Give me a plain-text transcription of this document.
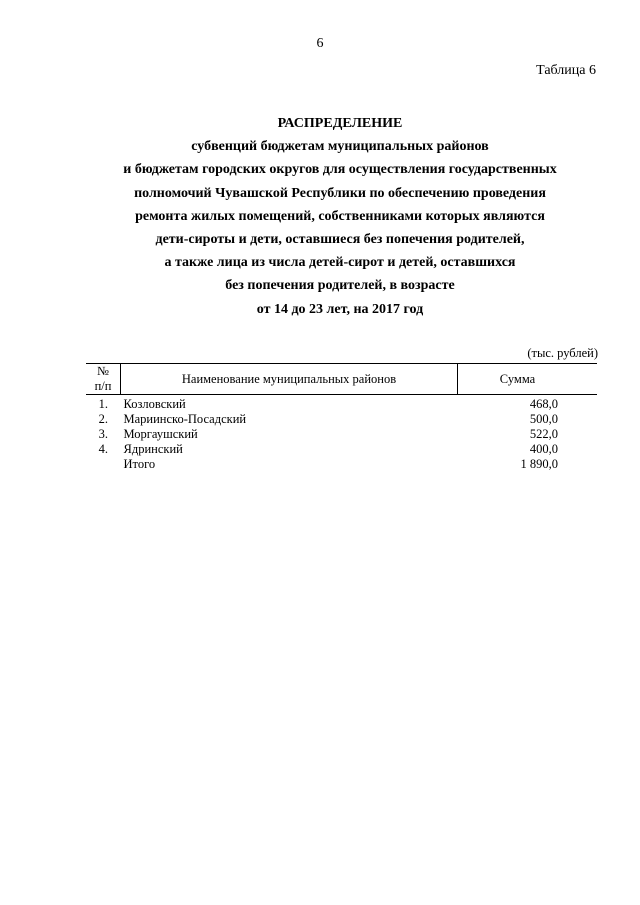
6
Таблица 6
РАСПРЕДЕЛЕНИЕ
субвенций бюджетам муниципальных районов
и бюджетам городских округов для осуществления государственных
полномочий Чувашской Республики по обеспечению проведения
ремонта жилых помещений, собственниками которых являются
дети-сироты и дети, оставшиеся без попечения родителей,
а также лица из числа детей-сирот и детей, оставшихся
без попечения родителей, в возрасте
от 14 до 23 лет, на 2017 год
(тыс. рублей)
№
п/п	Наименование муниципальных районов	Сумма
1.	Козловский	468,0
2.	Мариинско-Посадский	500,0
3.	Моргаушский	522,0
4.	Ядринский	400,0
	Итого	1 890,0
